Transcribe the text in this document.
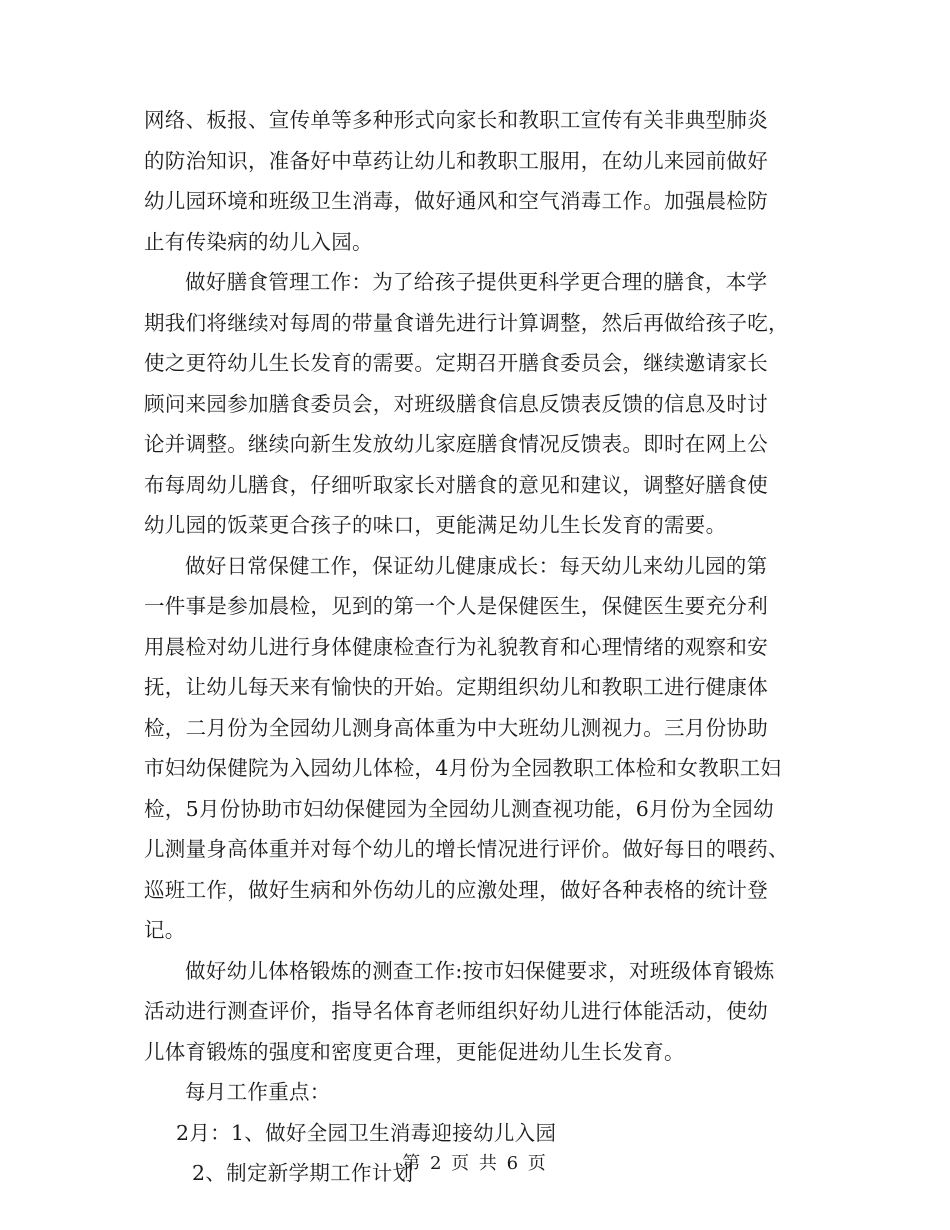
网络、板报、宣传单等多种形式向家长和教职工宣传有关非典型肺炎
的防治知识，准备好中草药让幼儿和教职工服用，在幼儿来园前做好
幼儿园环境和班级卫生消毒，做好通风和空气消毒工作。加强晨检防
止有传染病的幼儿入园。
做好膳食管理工作：为了给孩子提供更科学更合理的膳食，本学
期我们将继续对每周的带量食谱先进行计算调整，然后再做给孩子吃，
使之更符幼儿生长发育的需要。定期召开膳食委员会，继续邀请家长
顾问来园参加膳食委员会，对班级膳食信息反馈表反馈的信息及时讨
论并调整。继续向新生发放幼儿家庭膳食情况反馈表。即时在网上公
布每周幼儿膳食，仔细听取家长对膳食的意见和建议，调整好膳食使
幼儿园的饭菜更合孩子的味口，更能满足幼儿生长发育的需要。
做好日常保健工作，保证幼儿健康成长：每天幼儿来幼儿园的第
一件事是参加晨检，见到的第一个人是保健医生，保健医生要充分利
用晨检对幼儿进行身体健康检查行为礼貌教育和心理情绪的观察和安
抚，让幼儿每天来有愉快的开始。定期组织幼儿和教职工进行健康体
检，二月份为全园幼儿测身高体重为中大班幼儿测视力。三月份协助
市妇幼保健院为入园幼儿体检，4月份为全园教职工体检和女教职工妇
检，5月份协助市妇幼保健园为全园幼儿测查视功能，6月份为全园幼
儿测量身高体重并对每个幼儿的增长情况进行评价。做好每日的喂药、
巡班工作，做好生病和外伤幼儿的应激处理，做好各种表格的统计登
记。
做好幼儿体格锻炼的测查工作:按市妇保健要求，对班级体育锻炼
活动进行测查评价，指导名体育老师组织好幼儿进行体能活动，使幼
儿体育锻炼的强度和密度更合理，更能促进幼儿生长发育。
每月工作重点：
2月：1、做好全园卫生消毒迎接幼儿入园
2、制定新学期工作计划
第 2 页 共 6 页
